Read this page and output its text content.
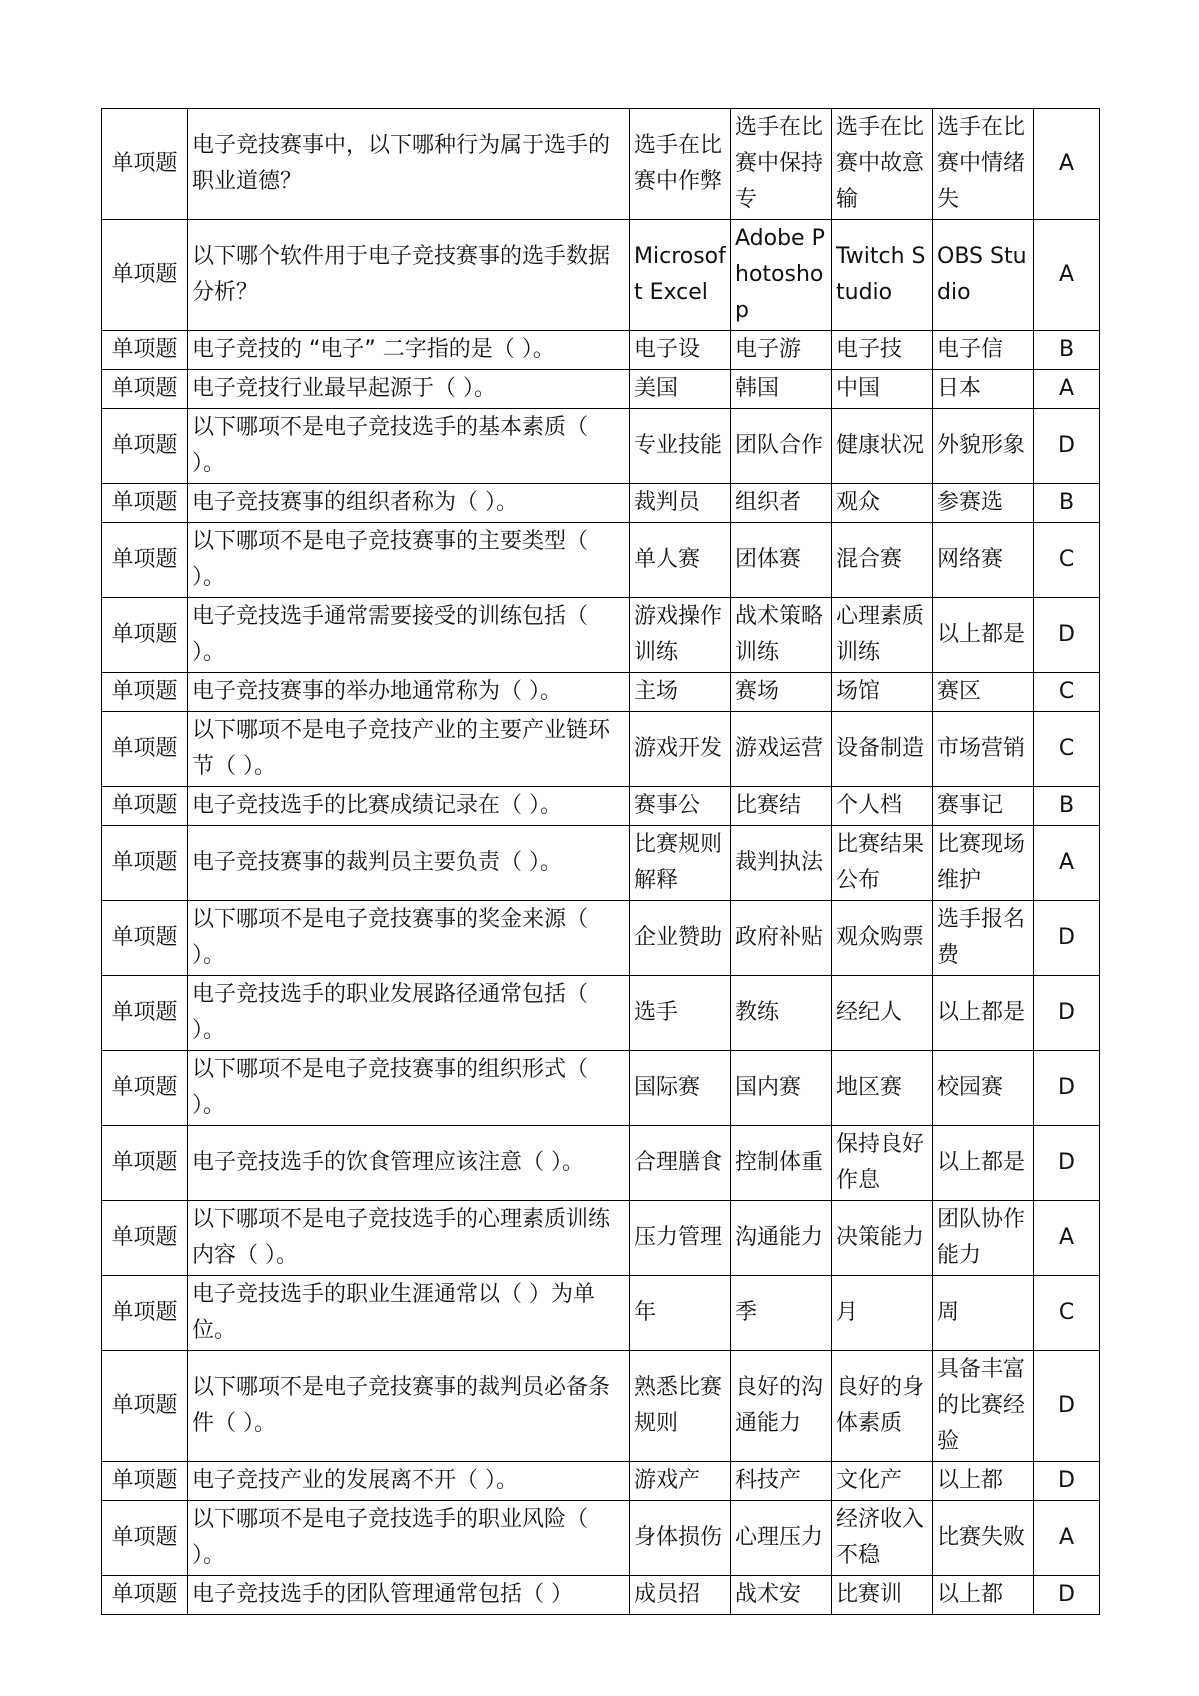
单项题	电子竞技赛事中，以下哪种行为属于选手的职业道德？	选手在比赛中作弊	选手在比赛中保持专	选手在比赛中故意输	选手在比赛中情绪失	A
单项题	以下哪个软件用于电子竞技赛事的选手数据分析？	Microsoft Excel	Adobe Photoshop	Twitch Studio	OBS Studio	A
单项题	电子竞技的 “电子” 二字指的是（ ）。	电子设	电子游	电子技	电子信	B
单项题	电子竞技行业最早起源于（ ）。	美国	韩国	中国	日本	A
单项题	以下哪项不是电子竞技选手的基本素质（ ）。	专业技能	团队合作	健康状况	外貌形象	D
单项题	电子竞技赛事的组织者称为（ ）。	裁判员	组织者	观众	参赛选	B
单项题	以下哪项不是电子竞技赛事的主要类型（ ）。	单人赛	团体赛	混合赛	网络赛	C
单项题	电子竞技选手通常需要接受的训练包括（ ）。	游戏操作训练	战术策略训练	心理素质训练	以上都是	D
单项题	电子竞技赛事的举办地通常称为（ ）。	主场	赛场	场馆	赛区	C
单项题	以下哪项不是电子竞技产业的主要产业链环节（ ）。	游戏开发	游戏运营	设备制造	市场营销	C
单项题	电子竞技选手的比赛成绩记录在（ ）。	赛事公	比赛结	个人档	赛事记	B
单项题	电子竞技赛事的裁判员主要负责（ ）。	比赛规则解释	裁判执法	比赛结果公布	比赛现场维护	A
单项题	以下哪项不是电子竞技赛事的奖金来源（ ）。	企业赞助	政府补贴	观众购票	选手报名费	D
单项题	电子竞技选手的职业发展路径通常包括（ ）。	选手	教练	经纪人	以上都是	D
单项题	以下哪项不是电子竞技赛事的组织形式（ ）。	国际赛	国内赛	地区赛	校园赛	D
单项题	电子竞技选手的饮食管理应该注意（ ）。	合理膳食	控制体重	保持良好作息	以上都是	D
单项题	以下哪项不是电子竞技选手的心理素质训练内容（ ）。	压力管理	沟通能力	决策能力	团队协作能力	A
单项题	电子竞技选手的职业生涯通常以（ ）为单位。	年	季	月	周	C
单项题	以下哪项不是电子竞技赛事的裁判员必备条件（ ）。	熟悉比赛规则	良好的沟通能力	良好的身体素质	具备丰富的比赛经验	D
单项题	电子竞技产业的发展离不开（ ）。	游戏产	科技产	文化产	以上都	D
单项题	以下哪项不是电子竞技选手的职业风险（ ）。	身体损伤	心理压力	经济收入不稳	比赛失败	A
单项题	电子竞技选手的团队管理通常包括（ ）	成员招	战术安	比赛训	以上都	D
